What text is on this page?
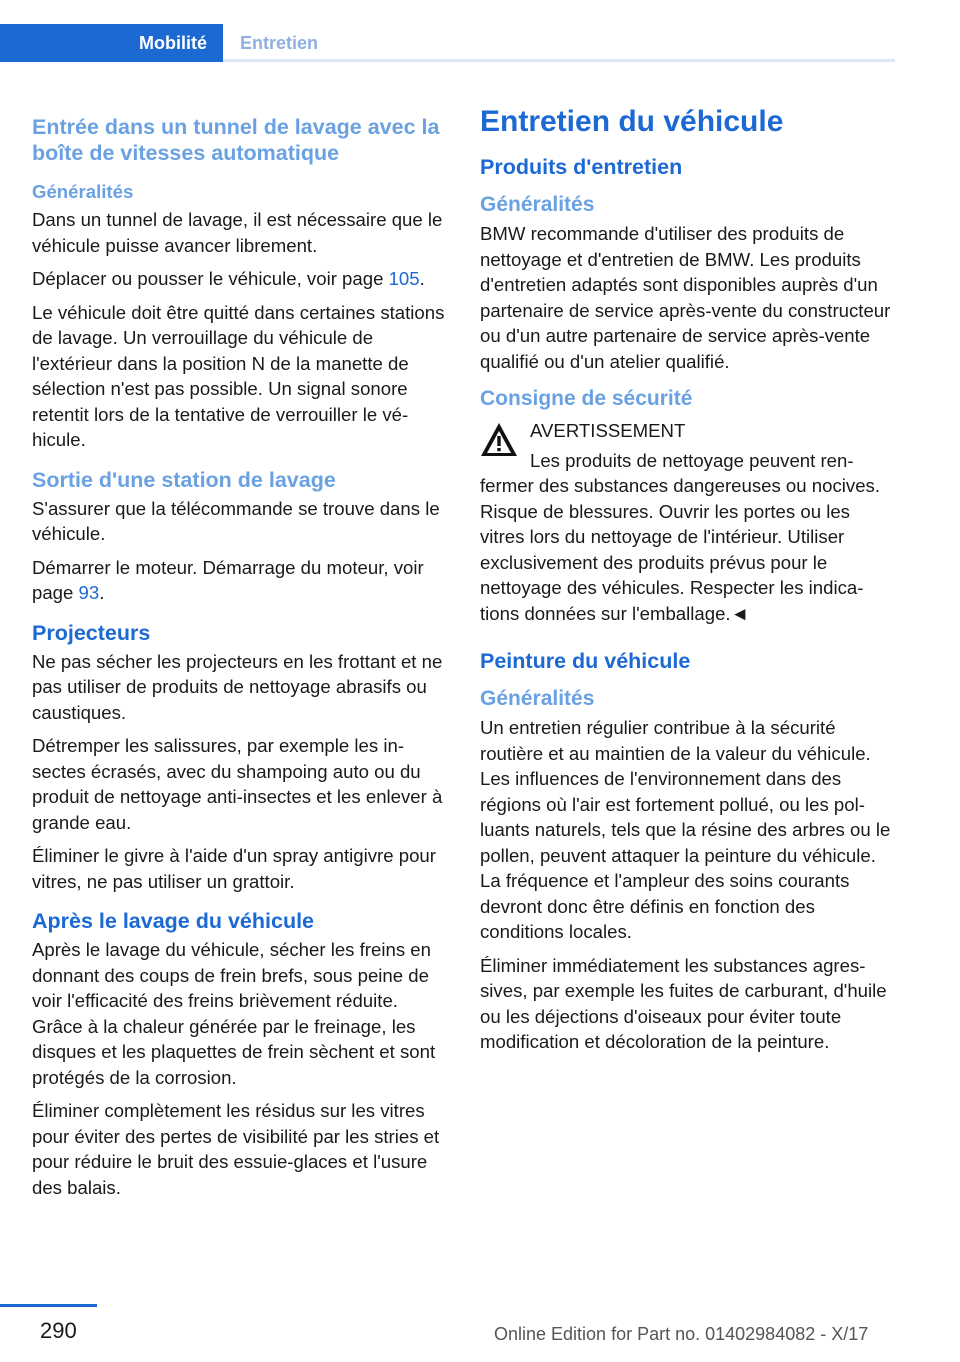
Mobilité	Entretien
Entrée dans un tunnel de lavage avec la boîte de vitesses automatique
Généralités

Dans un tunnel de lavage, il est nécessaire que le véhicule puisse avancer librement.

Déplacer ou pousser le véhicule, voir page 105.

Le véhicule doit être quitté dans certaines stations de lavage. Un verrouillage du véhicule de l'extérieur dans la position N de la manette de sélection n'est pas possible. Un signal sonore retentit lors de la tentative de verrouiller le véhicule.

Sortie d'une station de lavage

S'assurer que la télécommande se trouve dans le véhicule.

Démarrer le moteur. Démarrage du moteur, voir page 93.

Projecteurs

Ne pas sécher les projecteurs en les frottant et ne pas utiliser de produits de nettoyage abrasifs ou caustiques.

Détremper les salissures, par exemple les insectes écrasés, avec du shampoing auto ou du produit de nettoyage anti-insectes et les enlever à grande eau.

Éliminer le givre à l'aide d'un spray antigivre pour vitres, ne pas utiliser un grattoir.

Après le lavage du véhicule

Après le lavage du véhicule, sécher les freins en donnant des coups de frein brefs, sous peine de voir l'efficacité des freins brièvement réduite. Grâce à la chaleur générée par le freinage, les disques et les plaquettes de frein sèchent et sont protégés de la corrosion.

Éliminer complètement les résidus sur les vitres pour éviter des pertes de visibilité par les stries et pour réduire le bruit des essuie-glaces et l'usure des balais.

Entretien du véhicule
Produits d'entretien
Généralités

BMW recommande d'utiliser des produits de nettoyage et d'entretien de BMW. Les produits d'entretien adaptés sont disponibles auprès d'un partenaire de service après-vente du constructeur ou d'un autre partenaire de service après-vente qualifié ou d'un atelier qualifié.

Consigne de sécurité

AVERTISSEMENT

Les produits de nettoyage peuvent renfermer des substances dangereuses ou nocives. Risque de blessures. Ouvrir les portes ou les vitres lors du nettoyage de l'intérieur. Utiliser exclusivement des produits prévus pour le nettoyage des véhicules. Respecter les indications données sur l'emballage.◄

Peinture du véhicule
Généralités

Un entretien régulier contribue à la sécurité routière et au maintien de la valeur du véhicule. Les influences de l'environnement dans des régions où l'air est fortement pollué, ou les polluants naturels, tels que la résine des arbres ou le pollen, peuvent attaquer la peinture du véhicule. La fréquence et l'ampleur des soins courants devront donc être définis en fonction des conditions locales.

Éliminer immédiatement les substances agressives, par exemple les fuites de carburant, d'huile ou les déjections d'oiseaux pour éviter toute modification et décoloration de la peinture.

290	Online Edition for Part no. 01402984082 - X/17
